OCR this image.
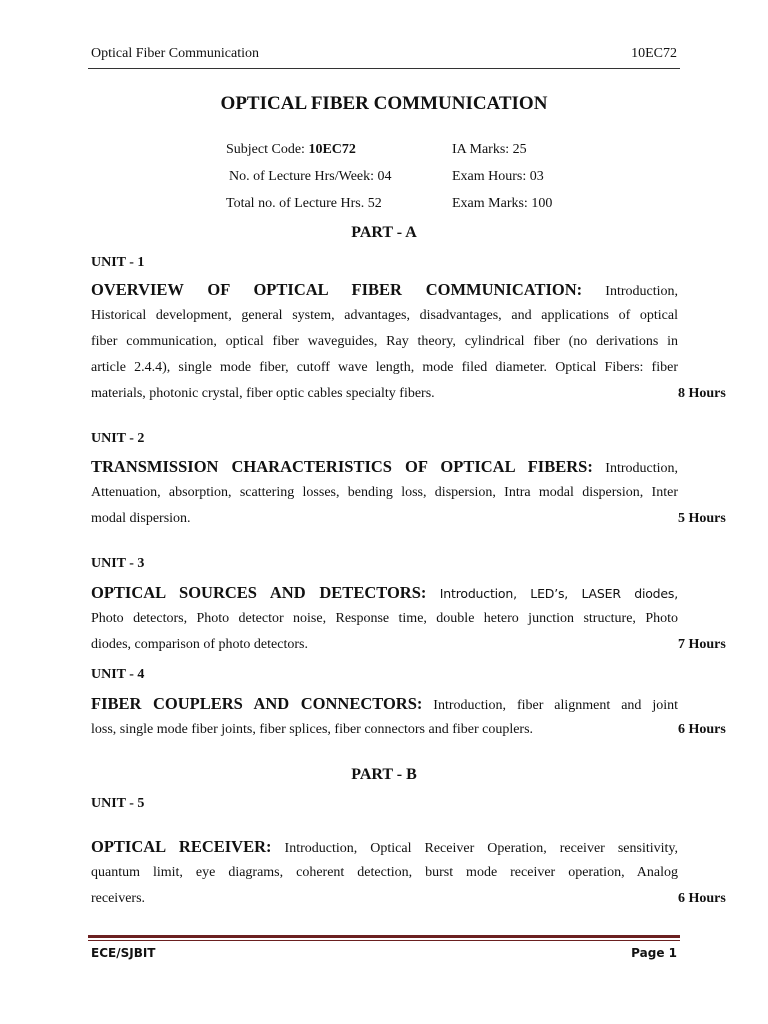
Optical Fiber Communication	10EC72
OPTICAL FIBER COMMUNICATION
Subject Code: 10EC72	IA Marks: 25
No. of Lecture Hrs/Week: 04	Exam Hours: 03
Total no. of Lecture Hrs. 52	Exam Marks: 100
PART - A
UNIT - 1
OVERVIEW OF OPTICAL FIBER COMMUNICATION: Introduction,
Historical development, general system, advantages, disadvantages, and applications of optical
fiber communication, optical fiber waveguides, Ray theory, cylindrical fiber (no derivations in
article 2.4.4), single mode fiber, cutoff wave length, mode filed diameter. Optical Fibers: fiber
materials, photonic crystal, fiber optic cables specialty fibers.	8 Hours
UNIT - 2
TRANSMISSION CHARACTERISTICS OF OPTICAL FIBERS: Introduction,
Attenuation, absorption, scattering losses, bending loss, dispersion, Intra modal dispersion, Inter
modal dispersion.	5 Hours
UNIT - 3
OPTICAL SOURCES AND DETECTORS: Introduction, LED’s, LASER diodes,
Photo detectors, Photo detector noise, Response time, double hetero junction structure, Photo
diodes, comparison of photo detectors.	7 Hours
UNIT - 4
FIBER COUPLERS AND CONNECTORS: Introduction, fiber alignment and joint
loss, single mode fiber joints, fiber splices, fiber connectors and fiber couplers.	6 Hours
PART - B
UNIT - 5
OPTICAL RECEIVER: Introduction, Optical Receiver Operation, receiver sensitivity,
quantum limit, eye diagrams, coherent detection, burst mode receiver operation, Analog
receivers.	6 Hours
ECE/SJBIT	Page 1
